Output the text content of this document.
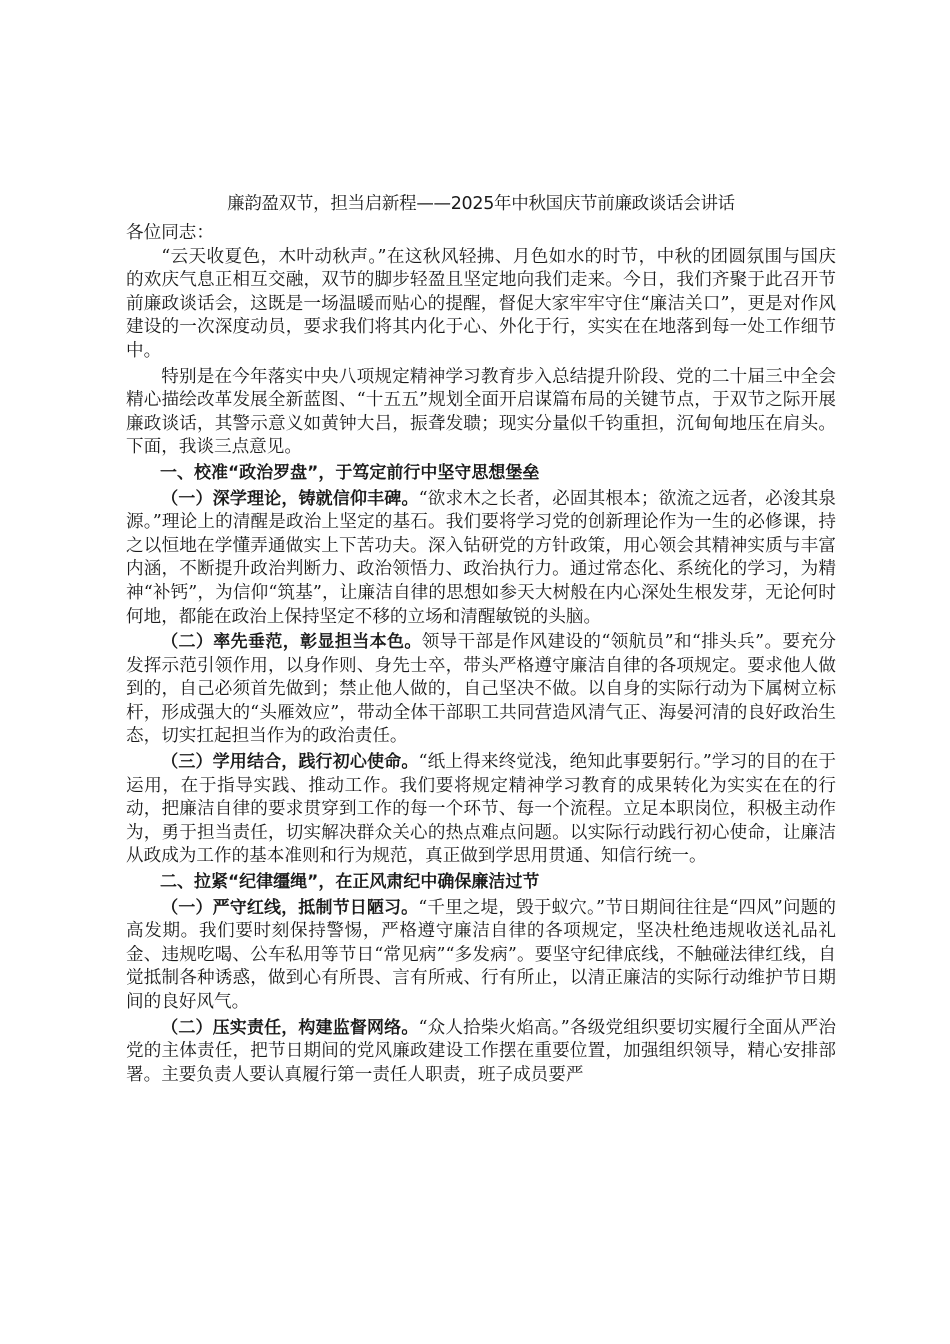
廉韵盈双节，担当启新程——2025年中秋国庆节前廉政谈话会讲话
各位同志：

“云天收夏色，木叶动秋声。”在这秋风轻拂、月色如水的时节，中秋的团圆氛围与国庆的欢庆气息正相互交融，双节的脚步轻盈且坚定地向我们走来。今日，我们齐聚于此召开节前廉政谈话会，这既是一场温暖而贴心的提醒，督促大家牢牢守住“廉洁关口”，更是对作风建设的一次深度动员，要求我们将其内化于心、外化于行，实实在在地落到每一处工作细节中。

特别是在今年落实中央八项规定精神学习教育步入总结提升阶段、党的二十届三中全会精心描绘改革发展全新蓝图、“十五五”规划全面开启谋篇布局的关键节点，于双节之际开展廉政谈话，其警示意义如黄钟大吕，振聋发聩；现实分量似千钧重担，沉甸甸地压在肩头。下面，我谈三点意见。

一、校准“政治罗盘”，于笃定前行中坚守思想堡垒

（一）深学理论，铸就信仰丰碑。“欲求木之长者，必固其根本；欲流之远者，必浚其泉源。”理论上的清醒是政治上坚定的基石。我们要将学习党的创新理论作为一生的必修课，持之以恒地在学懂弄通做实上下苦功夫。深入钻研党的方针政策，用心领会其精神实质与丰富内涵，不断提升政治判断力、政治领悟力、政治执行力。通过常态化、系统化的学习，为精神“补钙”，为信仰“筑基”，让廉洁自律的思想如参天大树般在内心深处生根发芽，无论何时何地，都能在政治上保持坚定不移的立场和清醒敏锐的头脑。

（二）率先垂范，彰显担当本色。领导干部是作风建设的“领航员”和“排头兵”。要充分发挥示范引领作用，以身作则、身先士卒，带头严格遵守廉洁自律的各项规定。要求他人做到的，自己必须首先做到；禁止他人做的，自己坚决不做。以自身的实际行动为下属树立标杆，形成强大的“头雁效应”，带动全体干部职工共同营造风清气正、海晏河清的良好政治生态，切实扛起担当作为的政治责任。

（三）学用结合，践行初心使命。“纸上得来终觉浅，绝知此事要躬行。”学习的目的在于运用，在于指导实践、推动工作。我们要将规定精神学习教育的成果转化为实实在在的行动，把廉洁自律的要求贯穿到工作的每一个环节、每一个流程。立足本职岗位，积极主动作为，勇于担当责任，切实解决群众关心的热点难点问题。以实际行动践行初心使命，让廉洁从政成为工作的基本准则和行为规范，真正做到学思用贯通、知信行统一。

二、拉紧“纪律缰绳”，在正风肃纪中确保廉洁过节

（一）严守红线，抵制节日陋习。“千里之堤，毁于蚁穴。”节日期间往往是“四风”问题的高发期。我们要时刻保持警惕，严格遵守廉洁自律的各项规定，坚决杜绝违规收送礼品礼金、违规吃喝、公车私用等节日“常见病”“多发病”。要坚守纪律底线，不触碰法律红线，自觉抵制各种诱惑，做到心有所畏、言有所戒、行有所止，以清正廉洁的实际行动维护节日期间的良好风气。

（二）压实责任，构建监督网络。“众人拾柴火焰高。”各级党组织要切实履行全面从严治党的主体责任，把节日期间的党风廉政建设工作摆在重要位置，加强组织领导，精心安排部署。主要负责人要认真履行第一责任人职责，班子成员要严
